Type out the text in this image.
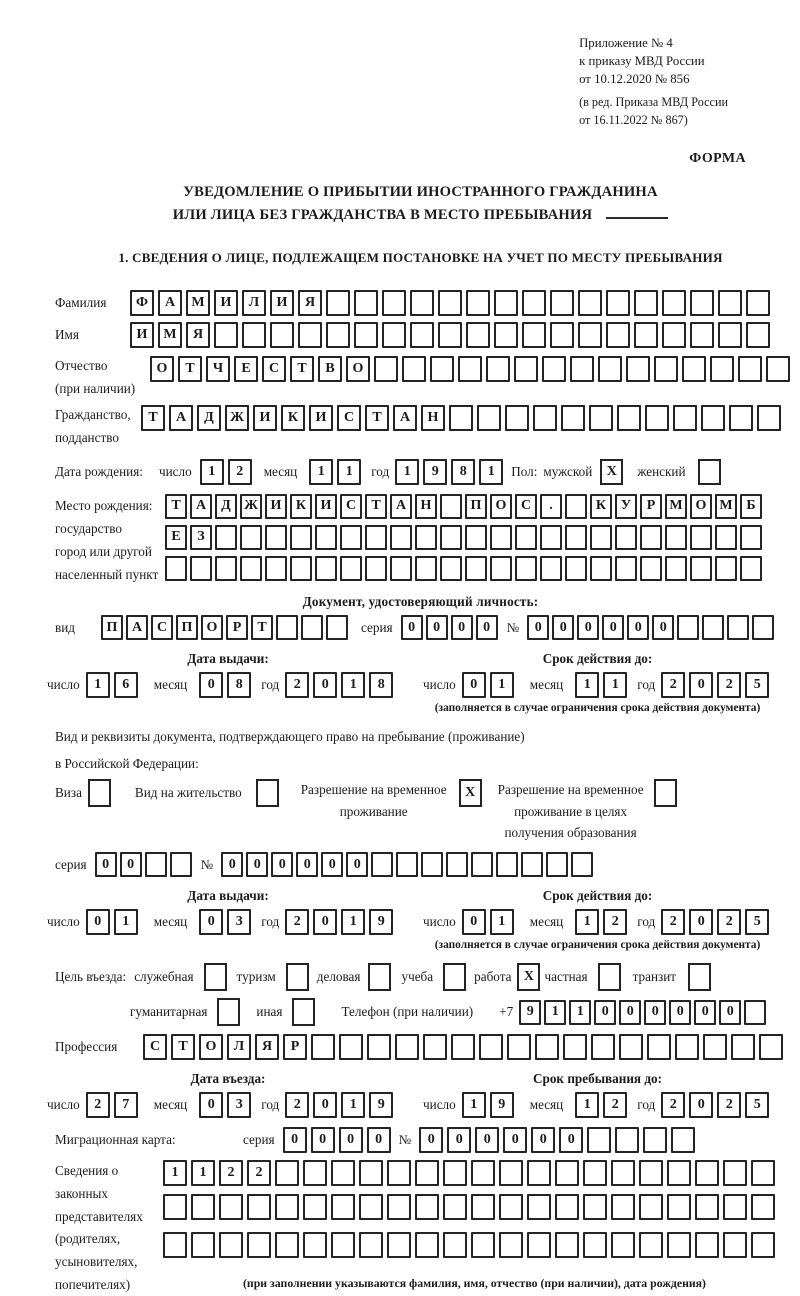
Приложение № 4
к приказу МВД России
от 10.12.2020 № 856
(в ред. Приказа МВД России
от 16.11.2022 № 867)
ФОРМА
УВЕДОМЛЕНИЕ О ПРИБЫТИИ ИНОСТРАННОГО ГРАЖДАНИНА
ИЛИ ЛИЦА БЕЗ ГРАЖДАНСТВА В МЕСТО ПРЕБЫВАНИЯ
1. СВЕДЕНИЯ О ЛИЦЕ, ПОДЛЕЖАЩЕМ ПОСТАНОВКЕ НА УЧЕТ ПО МЕСТУ ПРЕБЫВАНИЯ
Фамилия	Ф	А	М	И	Л	И	Я
Имя	И	М	Я
Отчество
(при наличии)
О	Т	Ч	Е	С	Т	В	О
Гражданство,
подданство
Т	А	Д	Ж	И	К	И	С	Т	А	Н
Дата рождения: число	1	2	месяц	1	1	год	1	9	8	1	Пол: мужской	X	женский
Место рождения:
государство
город или другой
населенный пункт
Т	А	Д Ж И	К	И	С	Т	А	Н	П	О	С	.	К	У	Р	М О М Б

Е	З

Документ, удостоверяющий личность:
вид	П	А	С	П	О	Р	Т	серия	0	0	0	0	№	0	0	0	0	0	0
Дата выдачи:
число	1	6	месяц	0	8	год	2	0	1	8
Срок действия до:
число	0	1	месяц	1	1	год	2	0	2	5
(заполняется в случае ограничения срока действия документа)
Вид и реквизиты документа, подтверждающего право на пребывание (проживание)
в Российской Федерации:
Виза	Вид на жительство	Разрешение на временное
проживание
X	Разрешение на временное
проживание в целях
получения образования
серия	0	0	№	0	0	0	0	0	0
Дата выдачи:
число	0	1	месяц	0	3	год	2	0	1	9
Срок действия до:
число	0	1	месяц	1	2	год	2	0	2	5
(заполняется в случае ограничения срока действия документа)
Цель въезда: служебная	туризм	деловая	учеба	работа X частная	транзит
гуманитарная	иная	Телефон (при наличии) +7 9	1	1	0	0	0	0	0	0
Профессия	С	Т	О	Л	Я	Р
Дата въезда:
число	2	7	месяц	0	3	год	2	0	1	9
Срок пребывания до:
число	1	9	месяц	1	2	год	2	0	2	5
Миграционная карта:	серия	0	0	0	0	№	0	0	0	0	0	0
Сведения о
законных
представителях
(родителях,
усыновителях,
попечителях)
1	1	2	2

(при заполнении указываются фамилия, имя, отчество (при наличии), дата рождения)
